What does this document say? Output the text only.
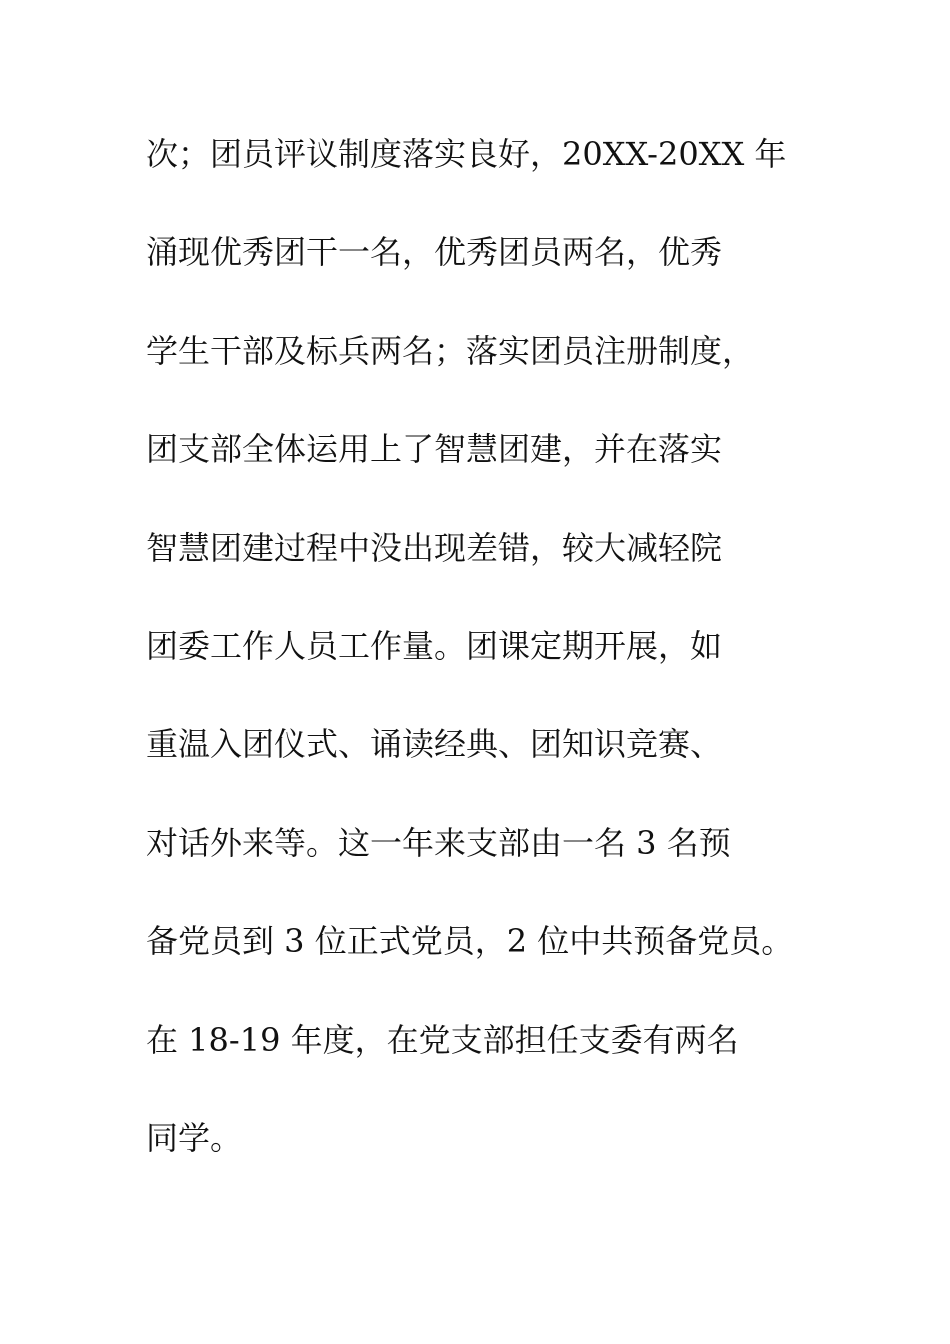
次；团员评议制度落实良好，20XX-20XX 年
涌现优秀团干一名，优秀团员两名，优秀
学生干部及标兵两名；落实团员注册制度，
团支部全体运用上了智慧团建，并在落实
智慧团建过程中没出现差错，较大减轻院
团委工作人员工作量。团课定期开展，如
重温入团仪式、诵读经典、团知识竞赛、
对话外来等。这一年来支部由一名 3 名预
备党员到 3 位正式党员，2 位中共预备党员。
在 18-19 年度，在党支部担任支委有两名
同学。
